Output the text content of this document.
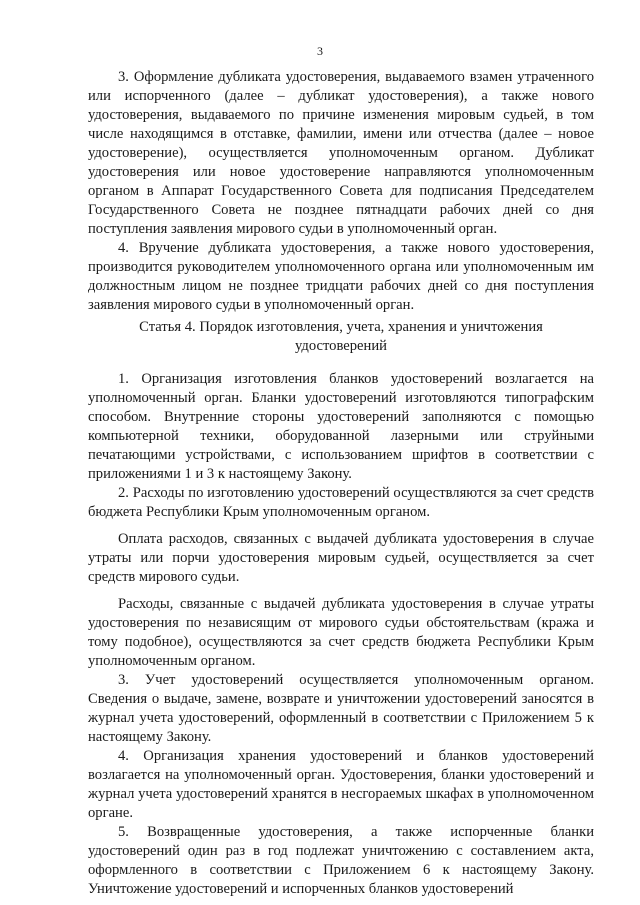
3

3. Оформление дубликата удостоверения, выдаваемого взамен утраченного или испорченного (далее – дубликат удостоверения), а также нового удостоверения, выдаваемого по причине изменения мировым судьей, в том числе находящимся в отставке, фамилии, имени или отчества (далее – новое удостоверение), осуществляется уполномоченным органом. Дубликат удостоверения или новое удостоверение направляются уполномоченным органом в Аппарат Государственного Совета для подписания Председателем Государственного Совета не позднее пятнадцати рабочих дней со дня поступления заявления мирового судьи в уполномоченный орган.

4. Вручение дубликата удостоверения, а также нового удостоверения, производится руководителем уполномоченного органа или уполномоченным им должностным лицом не позднее тридцати рабочих дней со дня поступления заявления мирового судьи в уполномоченный орган.

Статья 4. Порядок изготовления, учета, хранения и уничтожения
удостоверений

1. Организация изготовления бланков удостоверений возлагается на уполномоченный орган. Бланки удостоверений изготовляются типографским способом. Внутренние стороны удостоверений заполняются с помощью компьютерной техники, оборудованной лазерными или струйными печатающими устройствами, с использованием шрифтов в соответствии с приложениями 1 и 3 к настоящему Закону.

2. Расходы по изготовлению удостоверений осуществляются за счет средств бюджета Республики Крым уполномоченным органом.

Оплата расходов, связанных с выдачей дубликата удостоверения в случае утраты или порчи удостоверения мировым судьей, осуществляется за счет средств мирового судьи.

Расходы, связанные с выдачей дубликата удостоверения в случае утраты удостоверения по независящим от мирового судьи обстоятельствам (кража и тому подобное), осуществляются за счет средств бюджета Республики Крым уполномоченным органом.

3. Учет удостоверений осуществляется уполномоченным органом. Сведения о выдаче, замене, возврате и уничтожении удостоверений заносятся в журнал учета удостоверений, оформленный в соответствии с Приложением 5 к настоящему Закону.

4. Организация хранения удостоверений и бланков удостоверений возлагается на уполномоченный орган. Удостоверения, бланки удостоверений и журнал учета удостоверений хранятся в несгораемых шкафах в уполномоченном органе.

5. Возвращенные удостоверения, а также испорченные бланки удостоверений один раз в год подлежат уничтожению с составлением акта, оформленного в соответствии с Приложением 6 к настоящему Закону. Уничтожение удостоверений и испорченных бланков удостоверений
